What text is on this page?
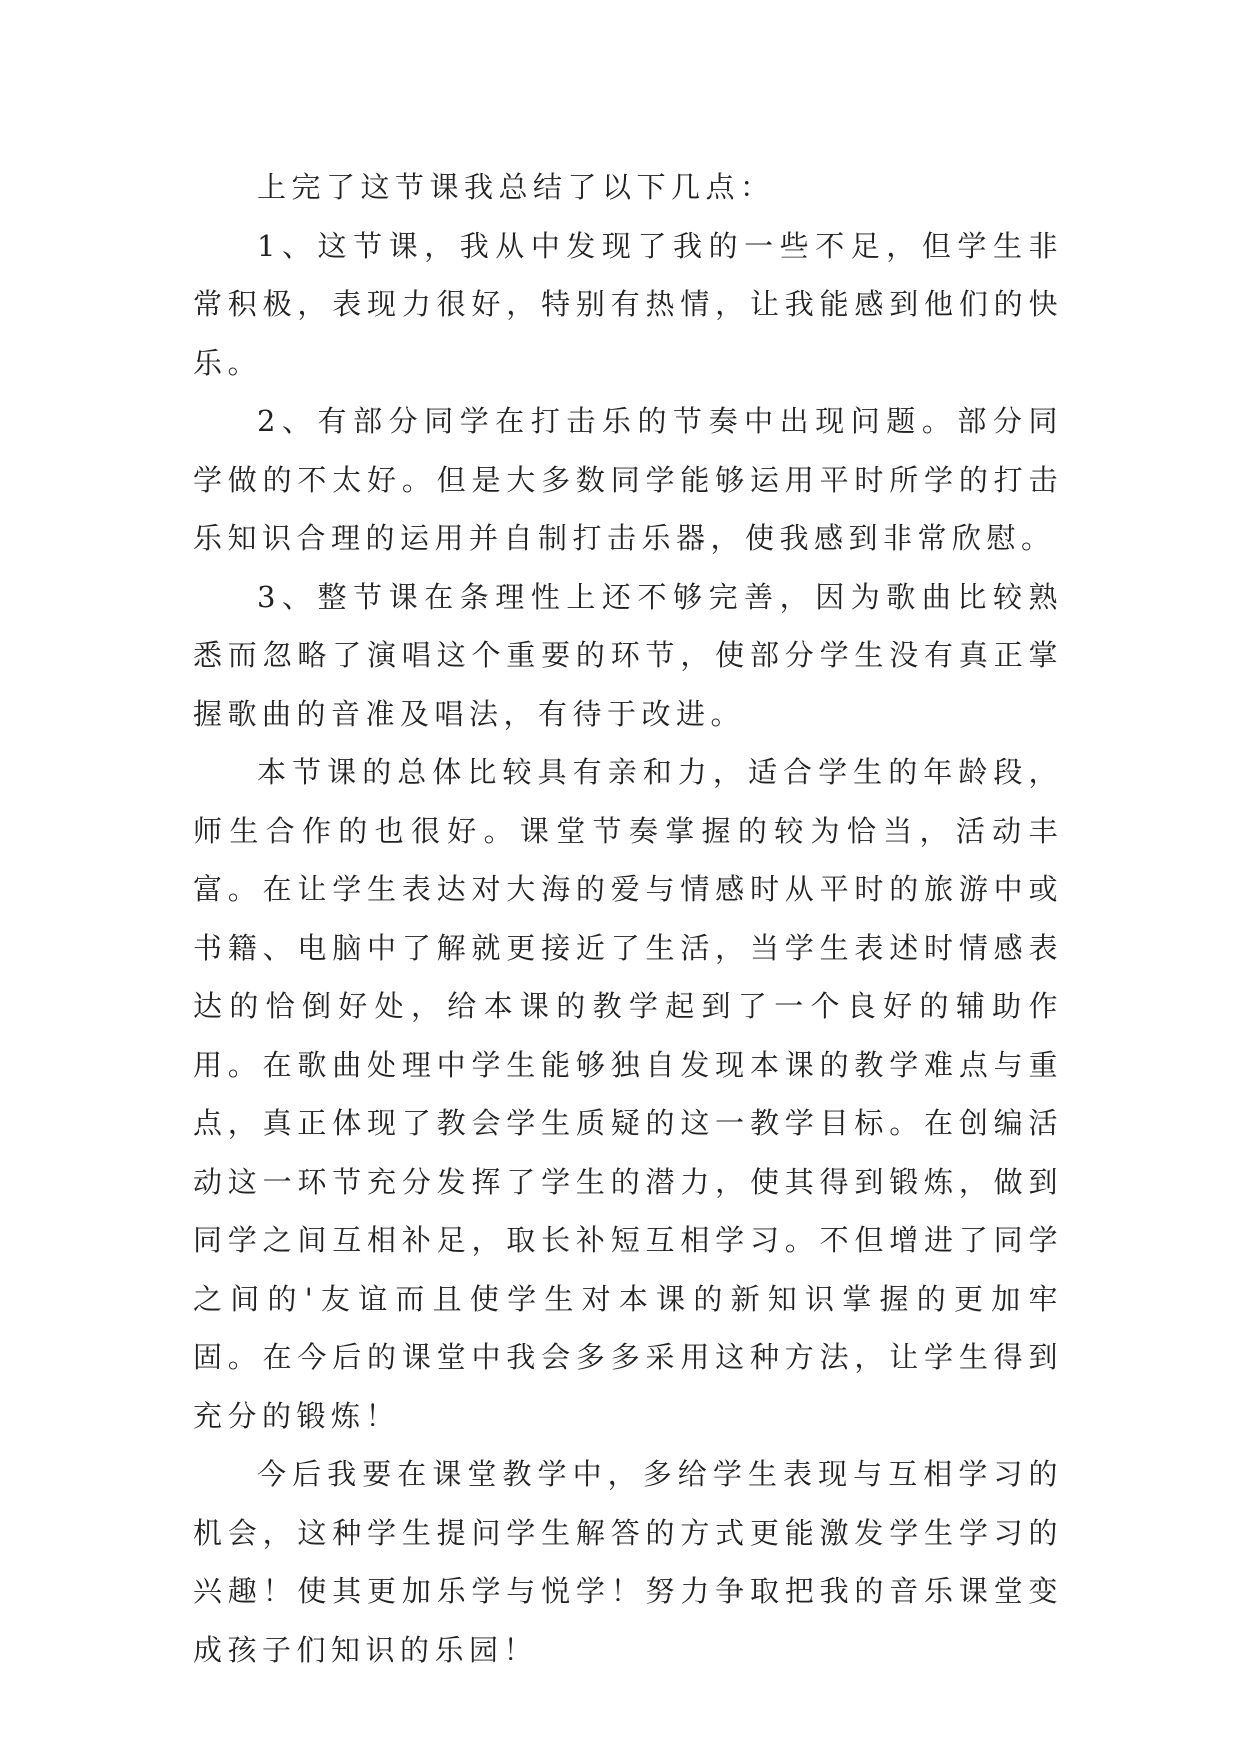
上完了这节课我总结了以下几点：

1、这节课，我从中发现了我的一些不足，但学生非常积极，表现力很好，特别有热情，让我能感到他们的快乐。

2、有部分同学在打击乐的节奏中出现问题。部分同学做的不太好。但是大多数同学能够运用平时所学的打击乐知识合理的运用并自制打击乐器，使我感到非常欣慰。

3、整节课在条理性上还不够完善，因为歌曲比较熟悉而忽略了演唱这个重要的环节，使部分学生没有真正掌握歌曲的音准及唱法，有待于改进。

本节课的总体比较具有亲和力，适合学生的年龄段，师生合作的也很好。课堂节奏掌握的较为恰当，活动丰富。在让学生表达对大海的爱与情感时从平时的旅游中或书籍、电脑中了解就更接近了生活，当学生表述时情感表达的恰倒好处，给本课的教学起到了一个良好的辅助作用。在歌曲处理中学生能够独自发现本课的教学难点与重点，真正体现了教会学生质疑的这一教学目标。在创编活动这一环节充分发挥了学生的潜力，使其得到锻炼，做到同学之间互相补足，取长补短互相学习。不但增进了同学之间的'友谊而且使学生对本课的新知识掌握的更加牢固。在今后的课堂中我会多多采用这种方法，让学生得到充分的锻炼！

今后我要在课堂教学中，多给学生表现与互相学习的机会，这种学生提问学生解答的方式更能激发学生学习的兴趣！使其更加乐学与悦学！努力争取把我的音乐课堂变成孩子们知识的乐园！
